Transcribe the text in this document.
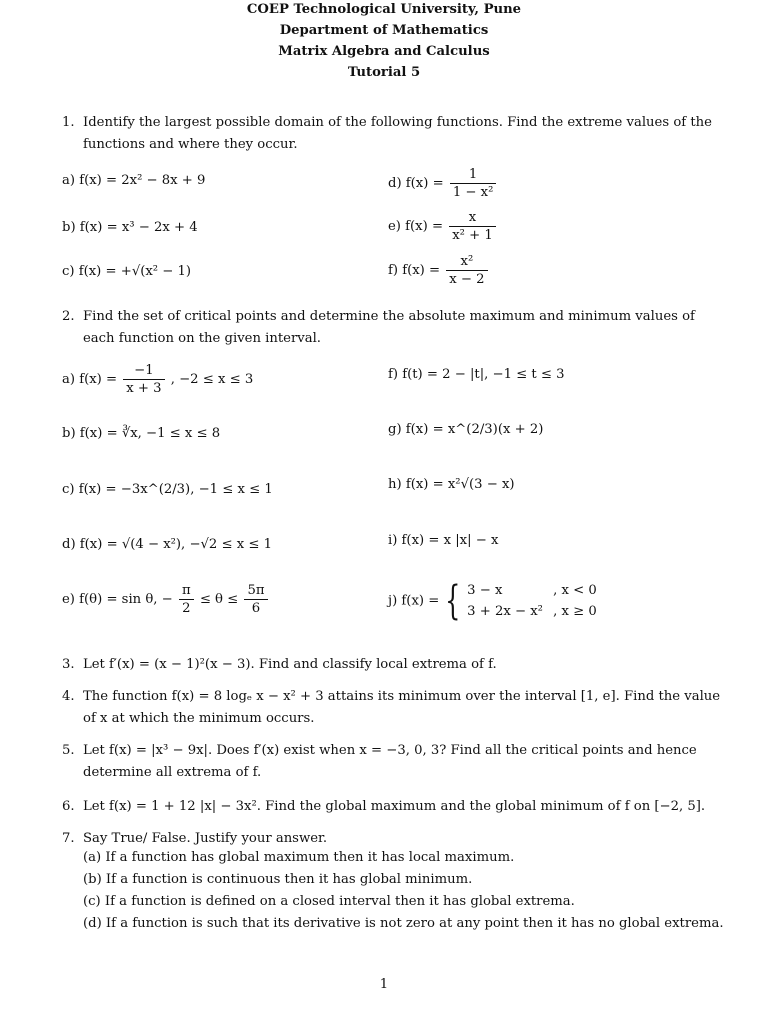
COEP Technological University, Pune
Department of Mathematics
Matrix Algebra and Calculus
Tutorial 5
1. Identify the largest possible domain of the following functions. Find the extreme values of the functions and where they occur.
a) f(x) = 2x² − 8x + 9
b) f(x) = x³ − 2x + 4
c) f(x) = +√(x² − 1)
d) $f(x) = \frac{1}{\text{1 − x²}}$
e) $f(x) = \frac{x}{\text{x² + 1}}$
f) $f(x) = \frac{\text{x²}}{x - 2}$
2. Find the set of critical points and determine the absolute maximum and minimum values of each function on the given interval.
a) $f(x) = \frac{-1}{x + 3}$ , −2 ≤ x ≤ 3
b) f(x) = ∛x, −1 ≤ x ≤ 8
c) f(x) = −3x^(2/3), −1 ≤ x ≤ 1
d) f(x) = √(4 − x²), −√2 ≤ x ≤ 1
e) f(θ) = sin θ, − $\frac{\pi}{2} \le \theta \le \frac{5\pi}{6}$
f) f(t) = 2 − |t|, −1 ≤ t ≤ 3
g) f(x) = x^(2/3)(x + 2)
h) f(x) = x²√(3 − x)
i) f(x) = x |x| − x
j) f(x) = { 3 − x	, x < 0
3 + 2x − x² , x ≥ 0
3. Let f′(x) = (x − 1)²(x − 3). Find and classify local extrema of f.
4. The function f(x) = 8 logₑ x − x² + 3 attains its minimum over the interval [1, e]. Find the value of x at which the minimum occurs.
5. Let f(x) = |x³ − 9x|. Does f′(x) exist when x = −3, 0, 3? Find all the critical points and hence determine all extrema of f.
6. Let f(x) = 1 + 12 |x| − 3x². Find the global maximum and the global minimum of f on [−2, 5].
7. Say True/ False. Justify your answer.
(a) If a function has global maximum then it has local maximum.
(b) If a function is continuous then it has global minimum.
(c) If a function is defined on a closed interval then it has global extrema.
(d) If a function is such that its derivative is not zero at any point then it has no global extrema.
1
